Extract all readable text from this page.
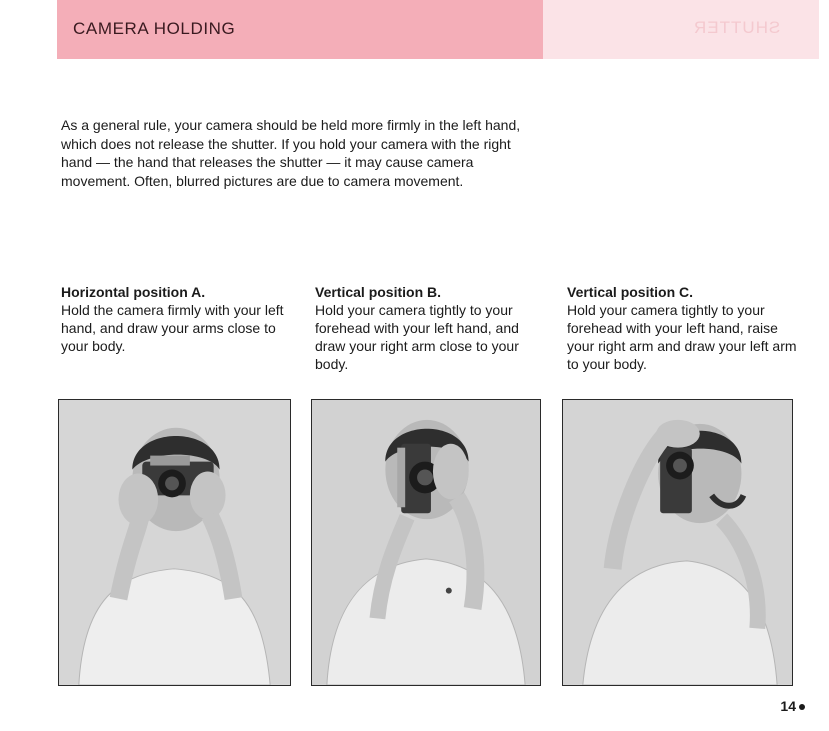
CAMERA HOLDING	SHUTTER

As a general rule, your camera should be held more firmly in the left hand, which does not release the shutter. If you hold your camera with the right hand — the hand that releases the shutter — it may cause camera movement. Often, blurred pictures are due to camera movement.

Horizontal position A.
Hold the camera firmly with your left hand, and draw your arms close to your body.
Vertical position B.
Hold your camera tightly to your forehead with your left hand, and draw your right arm close to your body.
Vertical position C.
Hold your camera tightly to your forehead with your left hand, raise your right arm and draw your left arm to your body.
14
